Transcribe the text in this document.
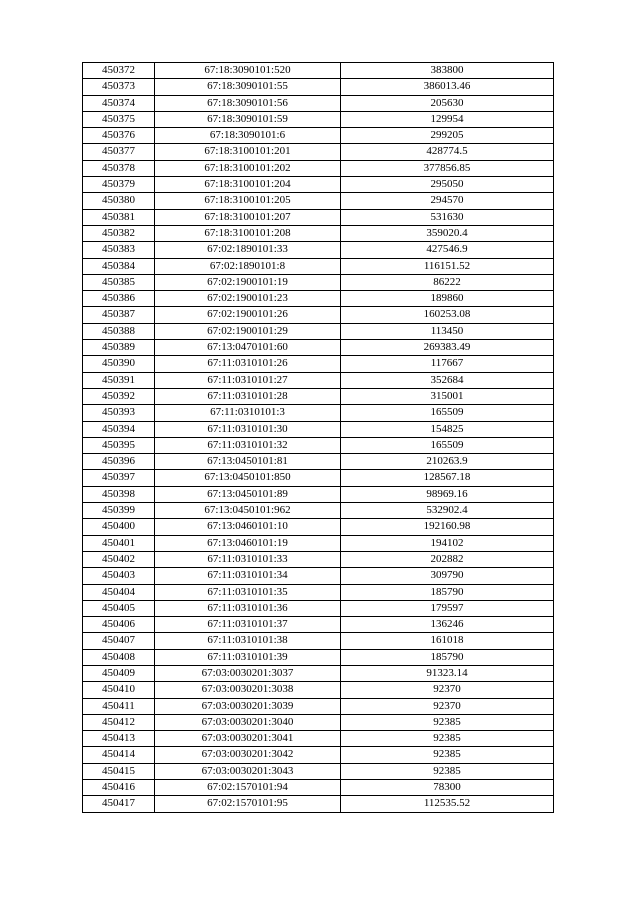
450372	67:18:3090101:520	383800
450373	67:18:3090101:55	386013.46
450374	67:18:3090101:56	205630
450375	67:18:3090101:59	129954
450376	67:18:3090101:6	299205
450377	67:18:3100101:201	428774.5
450378	67:18:3100101:202	377856.85
450379	67:18:3100101:204	295050
450380	67:18:3100101:205	294570
450381	67:18:3100101:207	531630
450382	67:18:3100101:208	359020.4
450383	67:02:1890101:33	427546.9
450384	67:02:1890101:8	116151.52
450385	67:02:1900101:19	86222
450386	67:02:1900101:23	189860
450387	67:02:1900101:26	160253.08
450388	67:02:1900101:29	113450
450389	67:13:0470101:60	269383.49
450390	67:11:0310101:26	117667
450391	67:11:0310101:27	352684
450392	67:11:0310101:28	315001
450393	67:11:0310101:3	165509
450394	67:11:0310101:30	154825
450395	67:11:0310101:32	165509
450396	67:13:0450101:81	210263.9
450397	67:13:0450101:850	128567.18
450398	67:13:0450101:89	98969.16
450399	67:13:0450101:962	532902.4
450400	67:13:0460101:10	192160.98
450401	67:13:0460101:19	194102
450402	67:11:0310101:33	202882
450403	67:11:0310101:34	309790
450404	67:11:0310101:35	185790
450405	67:11:0310101:36	179597
450406	67:11:0310101:37	136246
450407	67:11:0310101:38	161018
450408	67:11:0310101:39	185790
450409	67:03:0030201:3037	91323.14
450410	67:03:0030201:3038	92370
450411	67:03:0030201:3039	92370
450412	67:03:0030201:3040	92385
450413	67:03:0030201:3041	92385
450414	67:03:0030201:3042	92385
450415	67:03:0030201:3043	92385
450416	67:02:1570101:94	78300
450417	67:02:1570101:95	112535.52
